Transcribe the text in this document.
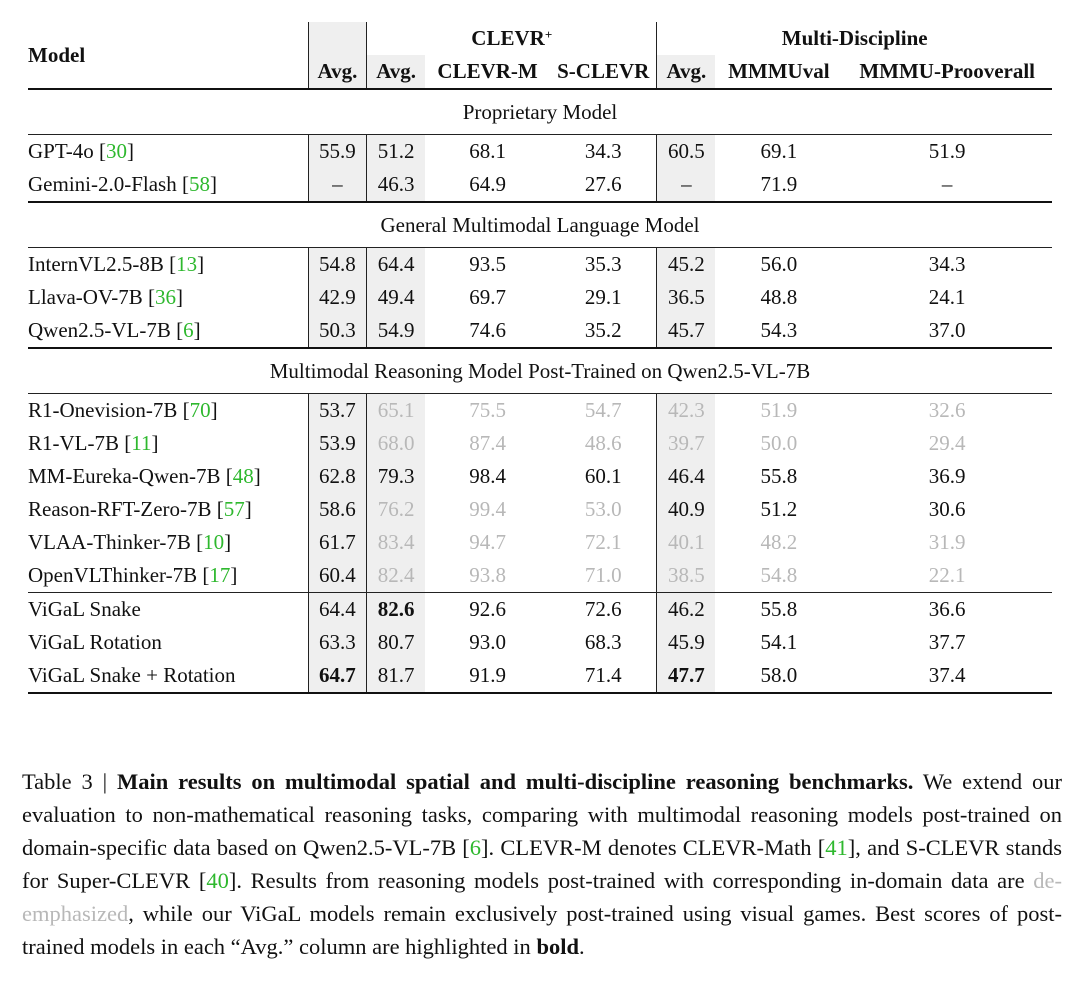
Model		CLEVR+			Multi-Discipline		
	Avg.	Avg.	CLEVR-M	S-CLEVR	Avg.	MMMUval	MMMU-Prooverall
Proprietary Model							
GPT-4o [30]	55.9	51.2	68.1	34.3	60.5	69.1	51.9
Gemini-2.0-Flash [58]	–	46.3	64.9	27.6	–	71.9	–
General Multimodal Language Model							
InternVL2.5-8B [13]	54.8	64.4	93.5	35.3	45.2	56.0	34.3
Llava-OV-7B [36]	42.9	49.4	69.7	29.1	36.5	48.8	24.1
Qwen2.5-VL-7B [6]	50.3	54.9	74.6	35.2	45.7	54.3	37.0
Multimodal Reasoning Model Post-Trained on Qwen2.5-VL-7B							
R1-Onevision-7B [70]	53.7	65.1	75.5	54.7	42.3	51.9	32.6
R1-VL-7B [11]	53.9	68.0	87.4	48.6	39.7	50.0	29.4
MM-Eureka-Qwen-7B [48]	62.8	79.3	98.4	60.1	46.4	55.8	36.9
Reason-RFT-Zero-7B [57]	58.6	76.2	99.4	53.0	40.9	51.2	30.6
VLAA-Thinker-7B [10]	61.7	83.4	94.7	72.1	40.1	48.2	31.9
OpenVLThinker-7B [17]	60.4	82.4	93.8	71.0	38.5	54.8	22.1
ViGaL Snake	64.4	82.6	92.6	72.6	46.2	55.8	36.6
ViGaL Rotation	63.3	80.7	93.0	68.3	45.9	54.1	37.7
ViGaL Snake + Rotation	64.7	81.7	91.9	71.4	47.7	58.0	37.4
Table 3 | Main results on multimodal spatial and multi-discipline reasoning benchmarks. We extend our evaluation to non-mathematical reasoning tasks, comparing with multimodal reasoning models post-trained on domain-specific data based on Qwen2.5-VL-7B [6]. CLEVR-M denotes CLEVR-Math [41], and S-CLEVR stands for Super-CLEVR [40]. Results from reasoning models post-trained with corresponding in-domain data are de-emphasized, while our ViGaL models remain exclusively post-trained using visual games. Best scores of post-trained models in each “Avg.” column are highlighted in bold.
